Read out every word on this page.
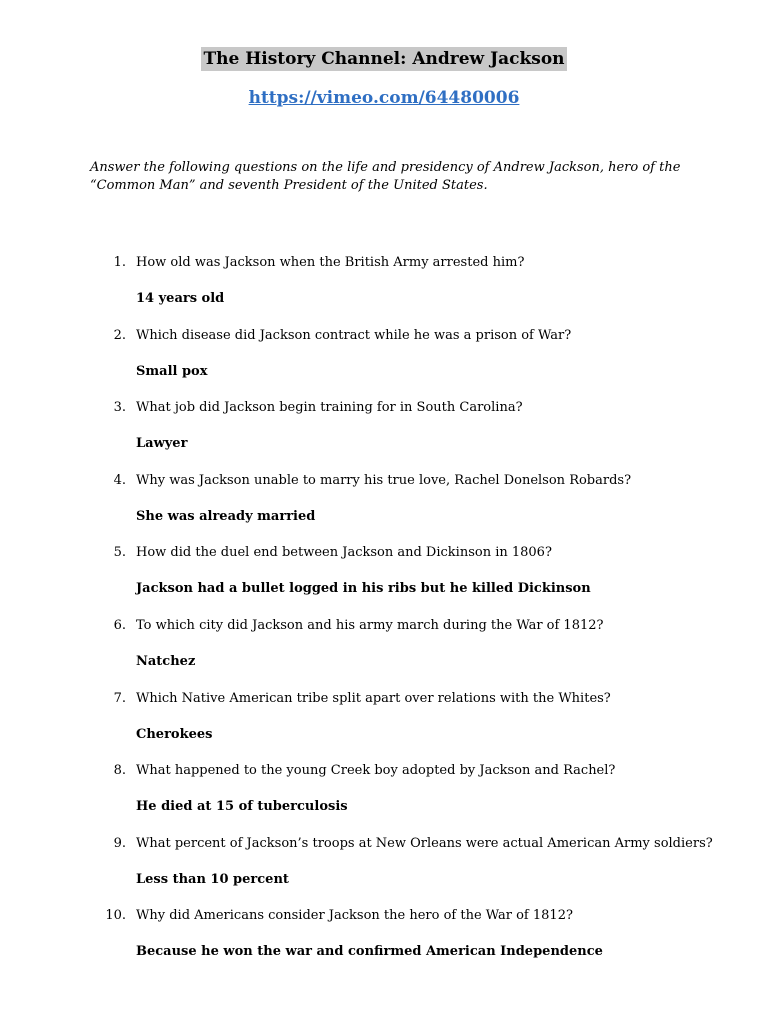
The History Channel: Andrew Jackson
https://vimeo.com/64480006
Answer the following questions on the life and presidency of Andrew Jackson, hero of the “Common Man” and seventh President of the United States.
1. How old was Jackson when the British Army arrested him?
14 years old
2. Which disease did Jackson contract while he was a prison of War?
Small pox
3. What job did Jackson begin training for in South Carolina?
Lawyer
4. Why was Jackson unable to marry his true love, Rachel Donelson Robards?
She was already married
5. How did the duel end between Jackson and Dickinson in 1806?
Jackson had a bullet logged in his ribs but he killed Dickinson
6. To which city did Jackson and his army march during the War of 1812?
Natchez
7. Which Native American tribe split apart over relations with the Whites?
Cherokees
8. What happened to the young Creek boy adopted by Jackson and Rachel?
He died at 15 of tuberculosis
9. What percent of Jackson’s troops at New Orleans were actual American Army soldiers?
Less than 10 percent
10. Why did Americans consider Jackson the hero of the War of 1812?
Because he won the war and confirmed American Independence
